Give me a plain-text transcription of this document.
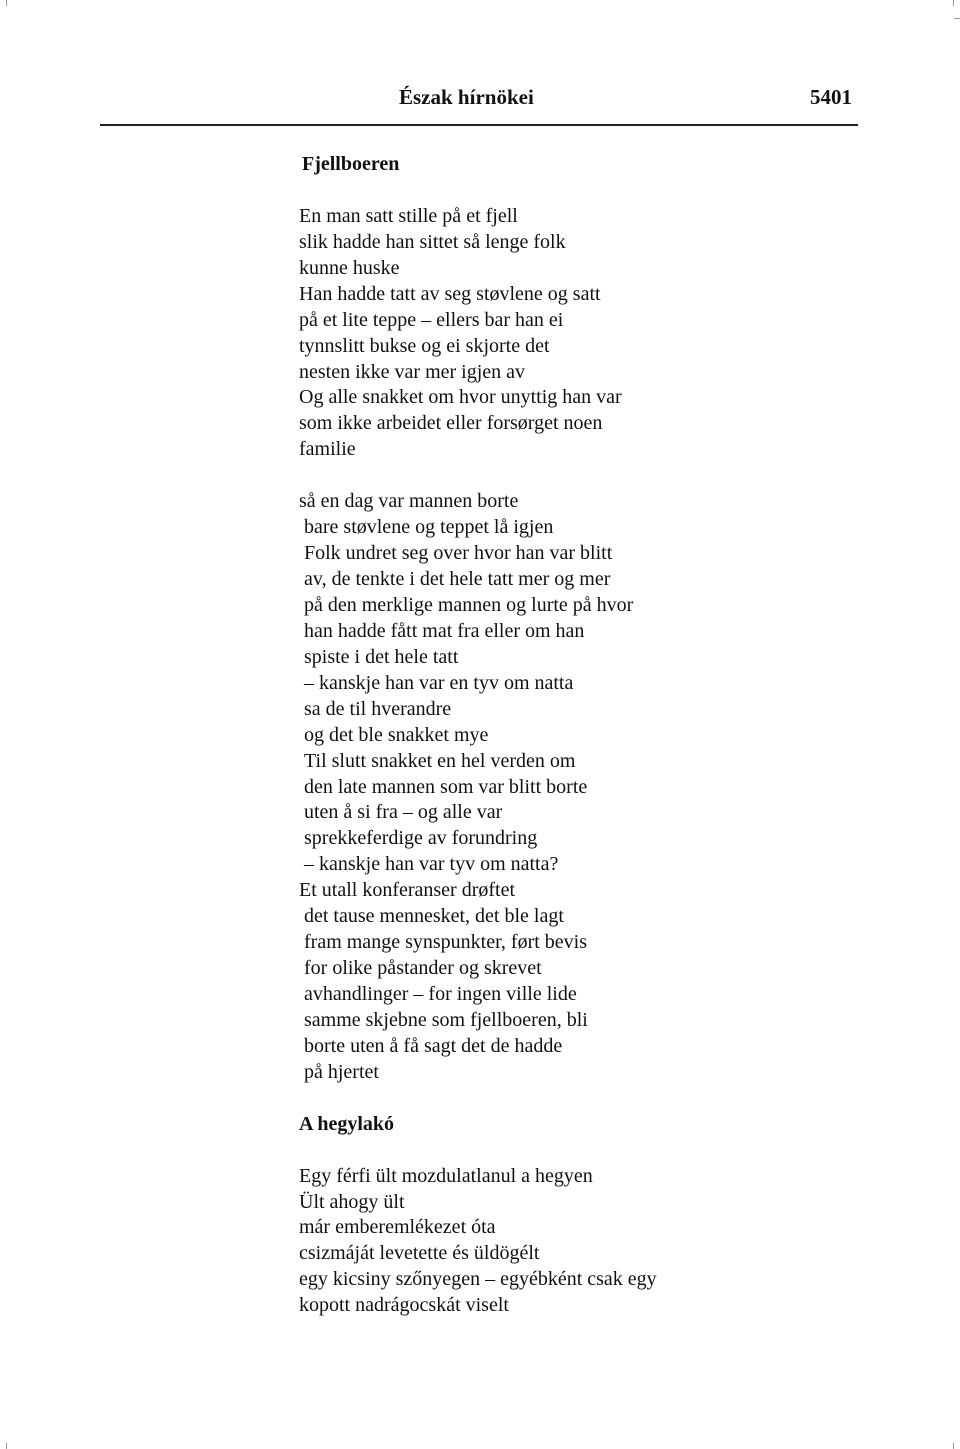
Észak hírnökei	5401
Fjellboeren
En man satt stille på et fjell
slik hadde han sittet så lenge folk
kunne huske
Han hadde tatt av seg støvlene og satt
på et lite teppe – ellers bar han ei
tynnslitt bukse og ei skjorte det
nesten ikke var mer igjen av
Og alle snakket om hvor unyttig han var
som ikke arbeidet eller forsørget noen
familie
så en dag var mannen borte
bare støvlene og teppet lå igjen
Folk undret seg over hvor han var blitt
av, de tenkte i det hele tatt mer og mer
på den merklige mannen og lurte på hvor
han hadde fått mat fra eller om han
spiste i det hele tatt
– kanskje han var en tyv om natta
sa de til hverandre
og det ble snakket mye
Til slutt snakket en hel verden om
den late mannen som var blitt borte
uten å si fra – og alle var
sprekkeferdige av forundring
– kanskje han var tyv om natta?
Et utall konferanser drøftet
det tause mennesket, det ble lagt
fram mange synspunkter, ført bevis
for olike påstander og skrevet
avhandlinger – for ingen ville lide
samme skjebne som fjellboeren, bli
borte uten å få sagt det de hadde
på hjertet
A hegylakó
Egy férfi ült mozdulatlanul a hegyen
Ült ahogy ült
már emberemlékezet óta
csizmáját levetette és üldögélt
egy kicsiny szőnyegen – egyébként csak egy
kopott nadrágocskát viselt
